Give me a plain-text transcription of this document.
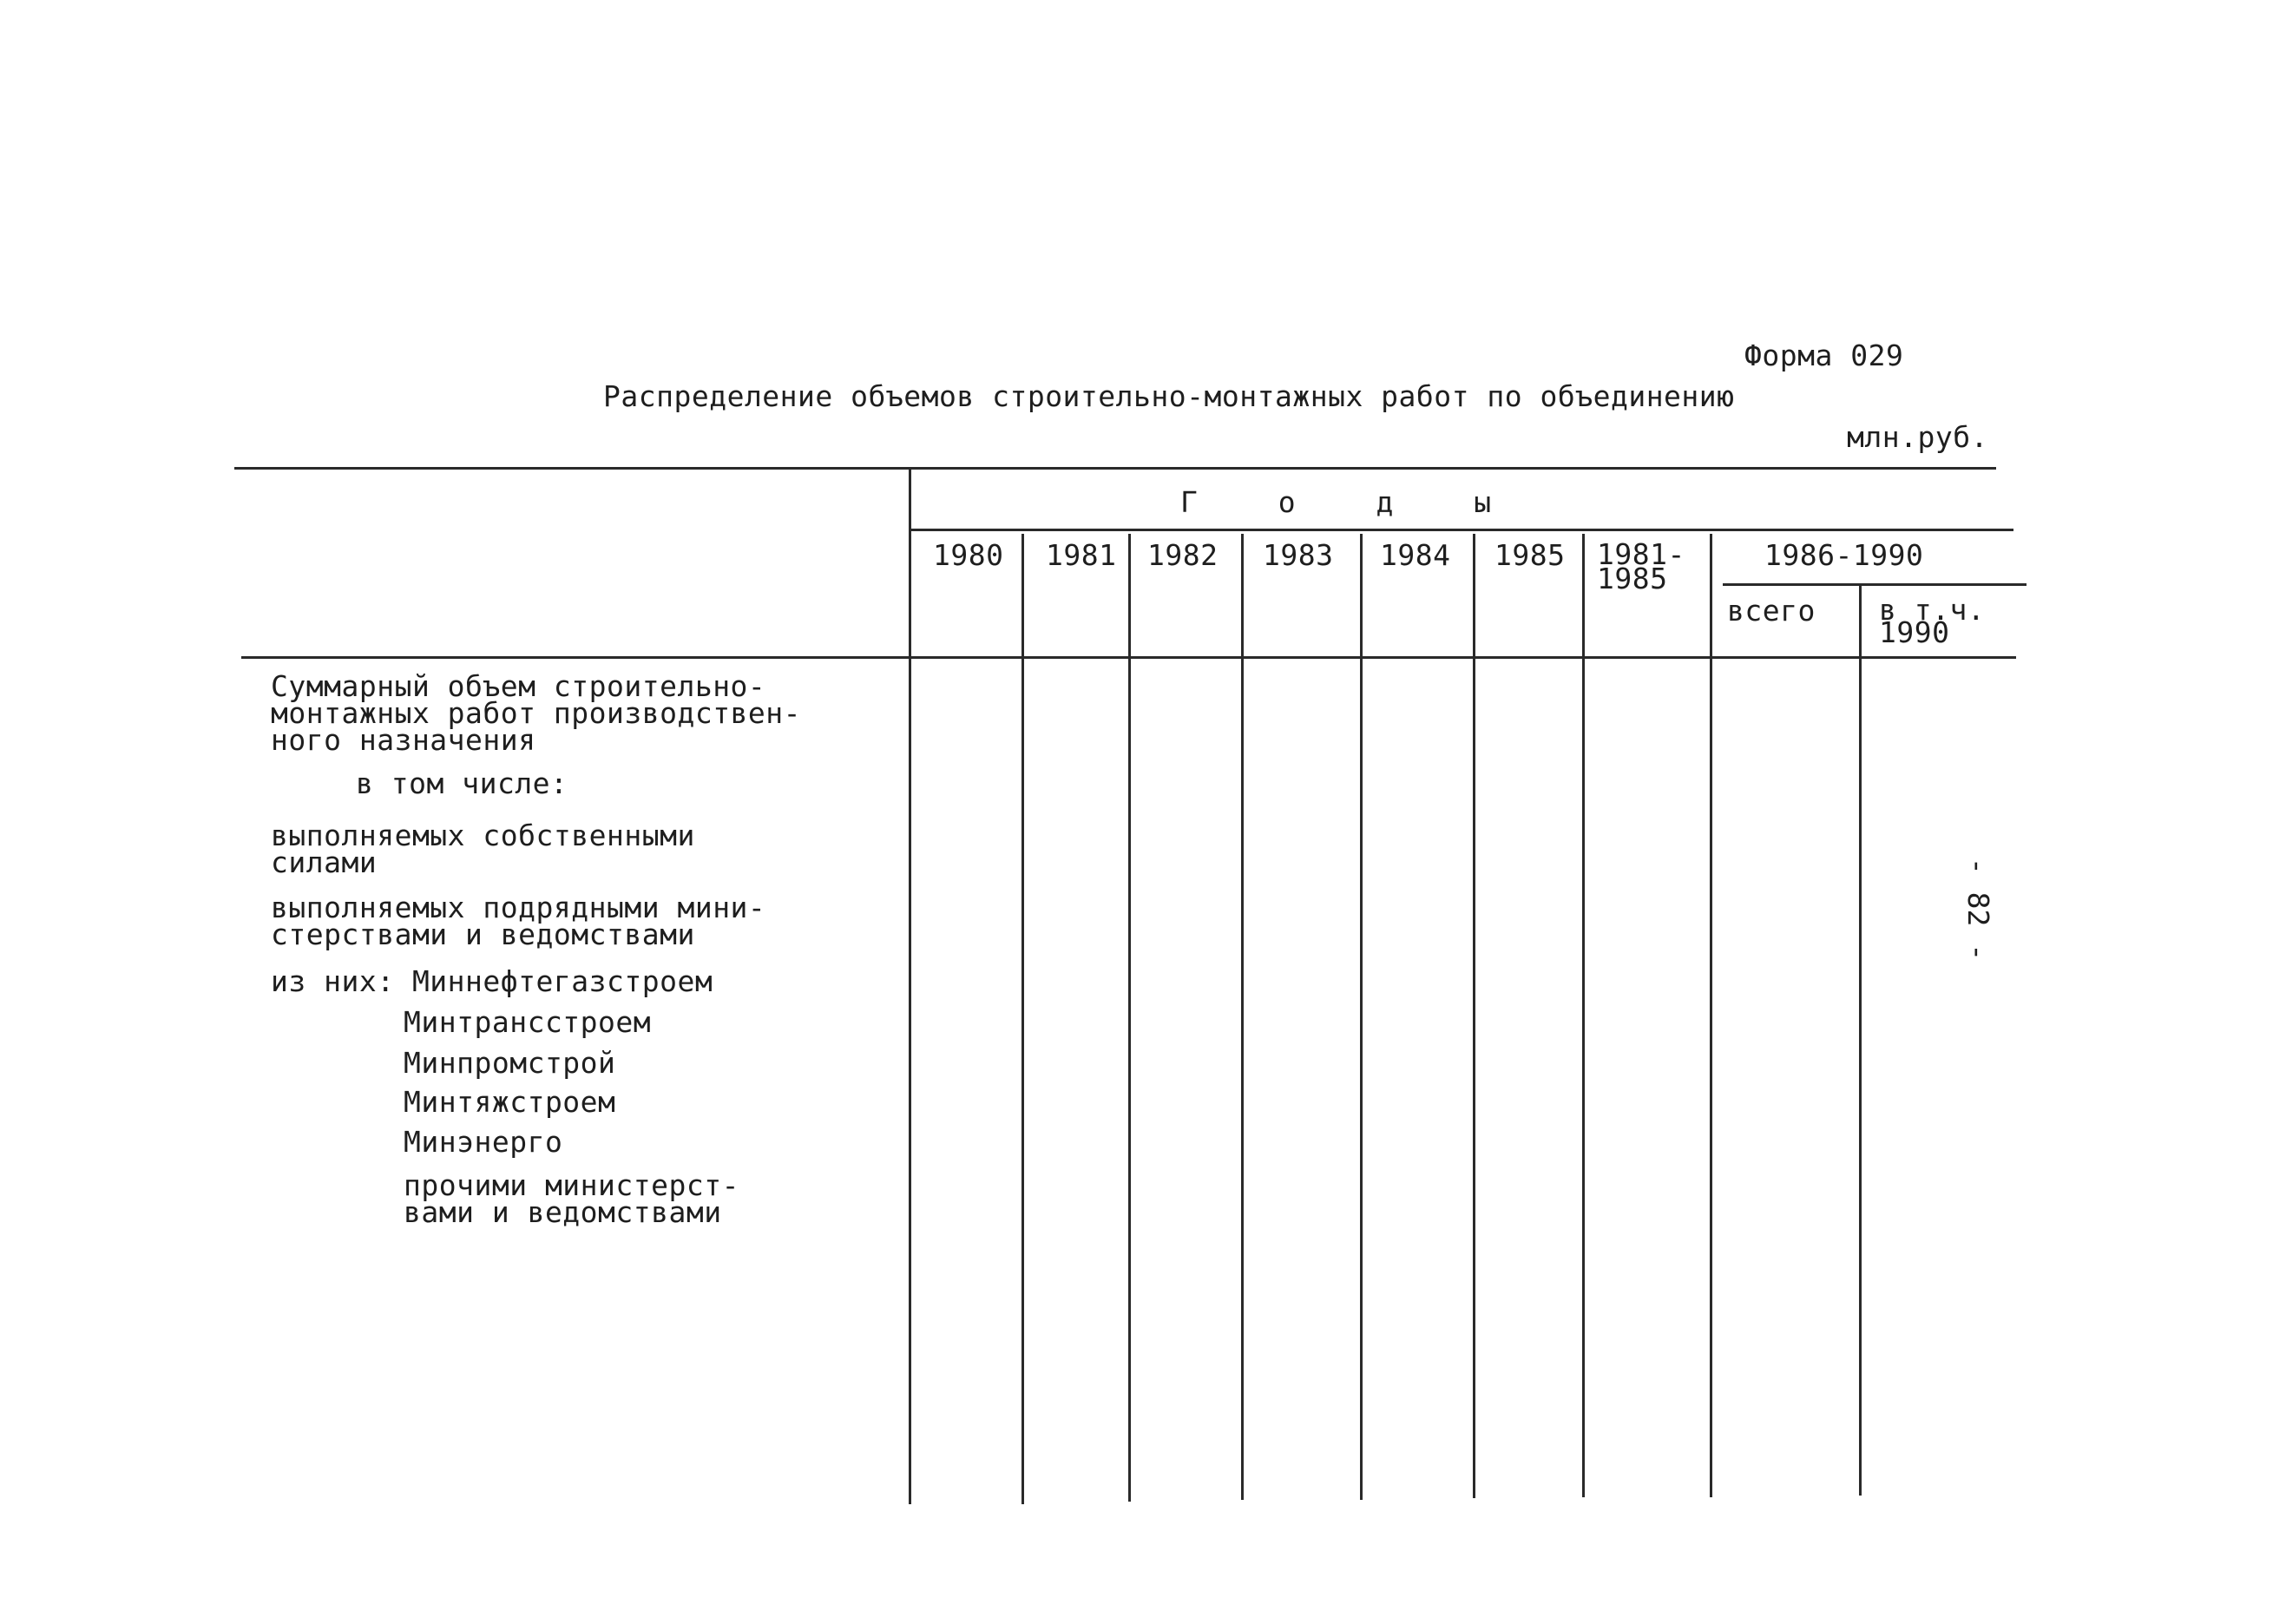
Форма 029
Распределение объемов строительно-монтажных работ по объединению
млн.руб.
Г о д ы
1980 1981 1982 1983 1984 1985 1981-
1985
1986-1990
всего в т.ч.
1990
Суммарный объем строительно-
монтажных работ производствен-
ного назначения
в том числе:
выполняемых собственными
силами
выполняемых подрядными мини-
стерствами и ведомствами
из них: Миннефтегазстроем
Минтрансстроем
Минпромстрой
Минтяжстроем
Минэнерго
прочими министерст-
вами и ведомствами
- 82 -
